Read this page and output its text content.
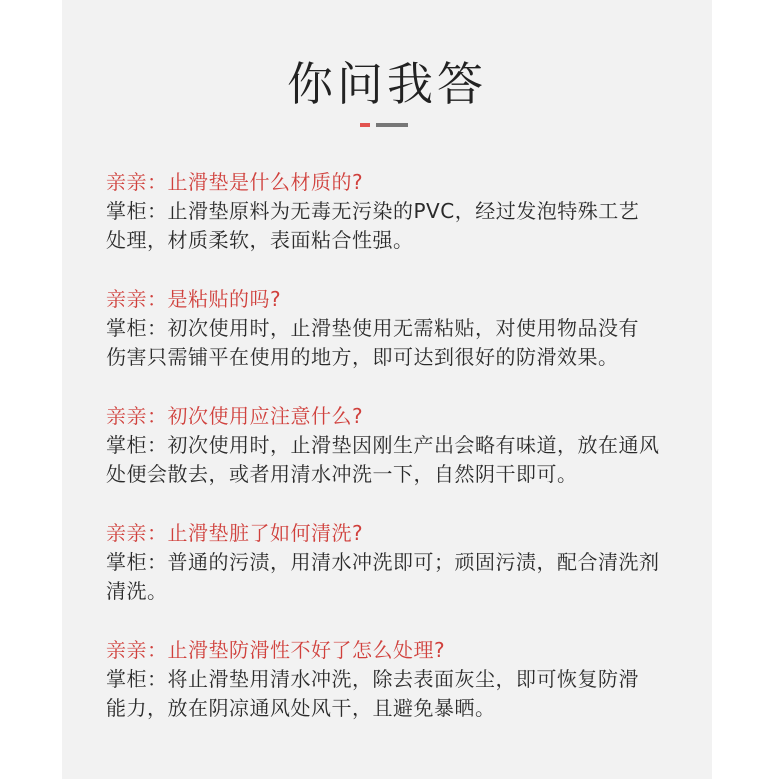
你问我答
亲亲：止滑垫是什么材质的?
掌柜：止滑垫原料为无毒无污染的PVC，经过发泡特殊工艺
处理，材质柔软，表面粘合性强。
亲亲：是粘贴的吗?
掌柜：初次使用时，止滑垫使用无需粘贴，对使用物品没有
伤害只需铺平在使用的地方，即可达到很好的防滑效果。
亲亲：初次使用应注意什么?
掌柜：初次使用时，止滑垫因刚生产出会略有味道，放在通风
处便会散去，或者用清水冲洗一下，自然阴干即可。
亲亲：止滑垫脏了如何清洗?
掌柜：普通的污渍，用清水冲洗即可；顽固污渍，配合清洗剂
清洗。
亲亲：止滑垫防滑性不好了怎么处理?
掌柜：将止滑垫用清水冲洗，除去表面灰尘，即可恢复防滑
能力，放在阴凉通风处风干，且避免暴晒。
